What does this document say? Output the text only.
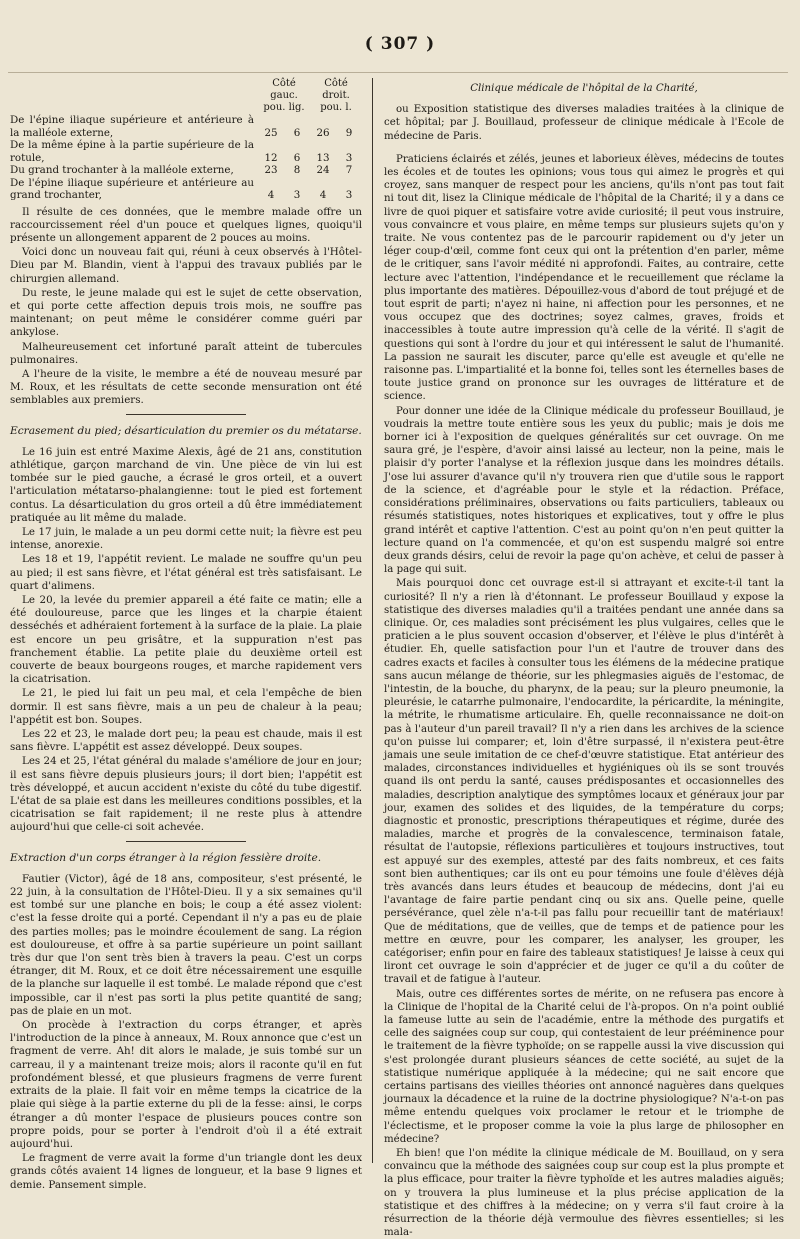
( 307 )
	Côté gauc. pou. lig.		Côté droit. pou. l.	
De l'épine iliaque supérieure et antérieure à la malléole externe,	25	6	26	9
De la même épine à la partie supérieure de la rotule,	12	6	13	3
Du grand trochanter à la malléole externe,	23	8	24	7
De l'épine iliaque supérieure et antérieure au grand trochanter,	4	3	4	3

Il résulte de ces données, que le membre malade offre un raccourcissement réel d'un pouce et quelques lignes, quoiqu'il présente un allongement apparent de 2 pouces au moins.

Voici donc un nouveau fait qui, réuni à ceux observés à l'Hôtel-Dieu par M. Blandin, vient à l'appui des travaux publiés par le chirurgien allemand.

Du reste, le jeune malade qui est le sujet de cette observation, et qui porte cette affection depuis trois mois, ne souffre pas maintenant; on peut même le considérer comme guéri par ankylose.

Malheureusement cet infortuné paraît atteint de tubercules pulmonaires.

A l'heure de la visite, le membre a été de nouveau mesuré par M. Roux, et les résultats de cette seconde mensuration ont été semblables aux premiers.

Ecrasement du pied; désarticulation du premier os du métatarse.

Le 16 juin est entré Maxime Alexis, âgé de 21 ans, constitution athlétique, garçon marchand de vin. Une pièce de vin lui est tombée sur le pied gauche, a écrasé le gros orteil, et a ouvert l'articulation métatarso-phalangienne: tout le pied est fortement contus. La désarticulation du gros orteil a dû être immédiatement pratiquée au lit même du malade.

Le 17 juin, le malade a un peu dormi cette nuit; la fièvre est peu intense, anorexie.

Les 18 et 19, l'appétit revient. Le malade ne souffre qu'un peu au pied; il est sans fièvre, et l'état général est très satisfaisant. Le quart d'alimens.

Le 20, la levée du premier appareil a été faite ce matin; elle a été douloureuse, parce que les linges et la charpie étaient desséchés et adhéraient fortement à la surface de la plaie. La plaie est encore un peu grisâtre, et la suppuration n'est pas franchement établie. La petite plaie du deuxième orteil est couverte de beaux bourgeons rouges, et marche rapidement vers la cicatrisation.

Le 21, le pied lui fait un peu mal, et cela l'empêche de bien dormir. Il est sans fièvre, mais a un peu de chaleur à la peau; l'appétit est bon. Soupes.

Les 22 et 23, le malade dort peu; la peau est chaude, mais il est sans fièvre. L'appétit est assez développé. Deux soupes.

Les 24 et 25, l'état général du malade s'améliore de jour en jour; il est sans fièvre depuis plusieurs jours; il dort bien; l'appétit est très développé, et aucun accident n'existe du côté du tube digestif. L'état de sa plaie est dans les meilleures conditions possibles, et la cicatrisation se fait rapidement; il ne reste plus à attendre aujourd'hui que celle-ci soit achevée.

Extraction d'un corps étranger à la région fessière droite.

Fautier (Victor), âgé de 18 ans, compositeur, s'est présenté, le 22 juin, à la consultation de l'Hôtel-Dieu. Il y a six semaines qu'il est tombé sur une planche en bois; le coup a été assez violent: c'est la fesse droite qui a porté. Cependant il n'y a pas eu de plaie des parties molles; pas le moindre écoulement de sang. La région est douloureuse, et offre à sa partie supérieure un point saillant très dur que l'on sent très bien à travers la peau. C'est un corps étranger, dit M. Roux, et ce doit être nécessairement une esquille de la planche sur laquelle il est tombé. Le malade répond que c'est impossible, car il n'est pas sorti la plus petite quantité de sang; pas de plaie en un mot.

On procède à l'extraction du corps étranger, et après l'introduction de la pince à anneaux, M. Roux annonce que c'est un fragment de verre. Ah! dit alors le malade, je suis tombé sur un carreau, il y a maintenant treize mois; alors il raconte qu'il en fut profondément blessé, et que plusieurs fragmens de verre furent extraits de la plaie. Il fait voir en même temps la cicatrice de la plaie qui siège à la partie externe du pli de la fesse: ainsi, le corps étranger a dû monter l'espace de plusieurs pouces contre son propre poids, pour se porter à l'endroit d'où il a été extrait aujourd'hui.

Le fragment de verre avait la forme d'un triangle dont les deux grands côtés avaient 14 lignes de longueur, et la base 9 lignes et demie. Pansement simple.

Clinique médicale de l'hôpital de la Charité,

ou Exposition statistique des diverses maladies traitées à la clinique de cet hôpital; par J. Bouillaud, professeur de clinique médicale à l'Ecole de médecine de Paris.

Praticiens éclairés et zélés, jeunes et laborieux élèves, médecins de toutes les écoles et de toutes les opinions; vous tous qui aimez le progrès et qui croyez, sans manquer de respect pour les anciens, qu'ils n'ont pas tout fait ni tout dit, lisez la Clinique médicale de l'hôpital de la Charité; il y a dans ce livre de quoi piquer et satisfaire votre avide curiosité; il peut vous instruire, vous convaincre et vous plaire, en même temps sur plusieurs sujets qu'on y traite. Ne vous contentez pas de le parcourir rapidement ou d'y jeter un léger coup-d'œil, comme font ceux qui ont la prétention d'en parler, même de le critiquer, sans l'avoir médité ni approfondi. Faites, au contraire, cette lecture avec l'attention, l'indépendance et le recueillement que réclame la plus importante des matières. Dépouillez-vous d'abord de tout préjugé et de tout esprit de parti; n'ayez ni haine, ni affection pour les personnes, et ne vous occupez que des doctrines; soyez calmes, graves, froids et inaccessibles à toute autre impression qu'à celle de la vérité. Il s'agit de questions qui sont à l'ordre du jour et qui intéressent le salut de l'humanité. La passion ne saurait les discuter, parce qu'elle est aveugle et qu'elle ne raisonne pas. L'impartialité et la bonne foi, telles sont les éternelles bases de toute justice grand on prononce sur les ouvrages de littérature et de science.

Pour donner une idée de la Clinique médicale du professeur Bouillaud, je voudrais la mettre toute entière sous les yeux du public; mais je dois me borner ici à l'exposition de quelques généralités sur cet ouvrage. On me saura gré, je l'espère, d'avoir ainsi laissé au lecteur, non la peine, mais le plaisir d'y porter l'analyse et la réflexion jusque dans les moindres détails. J'ose lui assurer d'avance qu'il n'y trouvera rien que d'utile sous le rapport de la science, et d'agréable pour le style et la rédaction. Préface, considérations préliminaires, observations ou faits particuliers, tableaux ou résumés statistiques, notes historiques et explicatives, tout y offre le plus grand intérêt et captive l'attention. C'est au point qu'on n'en peut quitter la lecture quand on l'a commencée, et qu'on est suspendu malgré soi entre deux grands désirs, celui de revoir la page qu'on achève, et celui de passer à la page qui suit.

Mais pourquoi donc cet ouvrage est-il si attrayant et excite-t-il tant la curiosité? Il n'y a rien là d'étonnant. Le professeur Bouillaud y expose la statistique des diverses maladies qu'il a traitées pendant une année dans sa clinique. Or, ces maladies sont précisément les plus vulgaires, celles que le praticien a le plus souvent occasion d'observer, et l'élève le plus d'intérêt à étudier. Eh, quelle satisfaction pour l'un et l'autre de trouver dans des cadres exacts et faciles à consulter tous les élémens de la médecine pratique sans aucun mélange de théorie, sur les phlegmasies aiguës de l'estomac, de l'intestin, de la bouche, du pharynx, de la peau; sur la pleuro pneumonie, la pleurésie, le catarrhe pulmonaire, l'endocardite, la péricardite, la méningite, la métrite, le rhumatisme articulaire. Eh, quelle reconnaissance ne doit-on pas à l'auteur d'un pareil travail? Il n'y a rien dans les archives de la science qu'on puisse lui comparer; et, loin d'être surpassé, il n'existera peut-être jamais une seule imitation de ce chef-d'œuvre statistique. Etat antérieur des malades, circonstances individuelles et hygiéniques où ils se sont trouvés quand ils ont perdu la santé, causes prédisposantes et occasionnelles des maladies, description analytique des symptômes locaux et généraux jour par jour, examen des solides et des liquides, de la température du corps; diagnostic et pronostic, prescriptions thérapeutiques et régime, durée des maladies, marche et progrès de la convalescence, terminaison fatale, résultat de l'autopsie, réflexions particulières et toujours instructives, tout est appuyé sur des exemples, attesté par des faits nombreux, et ces faits sont bien authentiques; car ils ont eu pour témoins une foule d'élèves déjà très avancés dans leurs études et beaucoup de médecins, dont j'ai eu l'avantage de faire partie pendant cinq ou six ans. Quelle peine, quelle persévérance, quel zèle n'a-t-il pas fallu pour recueillir tant de matériaux! Que de méditations, que de veilles, que de temps et de patience pour les mettre en œuvre, pour les comparer, les analyser, les grouper, les catégoriser; enfin pour en faire des tableaux statistiques! Je laisse à ceux qui liront cet ouvrage le soin d'apprécier et de juger ce qu'il a du coûter de travail et de fatigue à l'auteur.

Mais, outre ces différentes sortes de mérite, on ne refusera pas encore à la Clinique de l'hopital de la Charité celui de l'à-propos. On n'a point oublié la fameuse lutte au sein de l'académie, entre la méthode des purgatifs et celle des saignées coup sur coup, qui contestaient de leur prééminence pour le traitement de la fièvre typhoïde; on se rappelle aussi la vive discussion qui s'est prolongée durant plusieurs séances de cette société, au sujet de la statistique numérique appliquée à la médecine; qui ne sait encore que certains partisans des vieilles théories ont annoncé naguères dans quelques journaux la décadence et la ruine de la doctrine physiologique? N'a-t-on pas même entendu quelques voix proclamer le retour et le triomphe de l'éclectisme, et le proposer comme la voie la plus large de philosopher en médecine?

Eh bien! que l'on médite la clinique médicale de M. Bouillaud, on y sera convaincu que la méthode des saignées coup sur coup est la plus prompte et la plus efficace, pour traiter la fièvre typhoïde et les autres maladies aiguës; on y trouvera la plus lumineuse et la plus précise application de la statistique et des chiffres à la médecine; on y verra s'il faut croire à la résurrection de la théorie déjà vermoulue des fièvres essentielles; si les mala-
